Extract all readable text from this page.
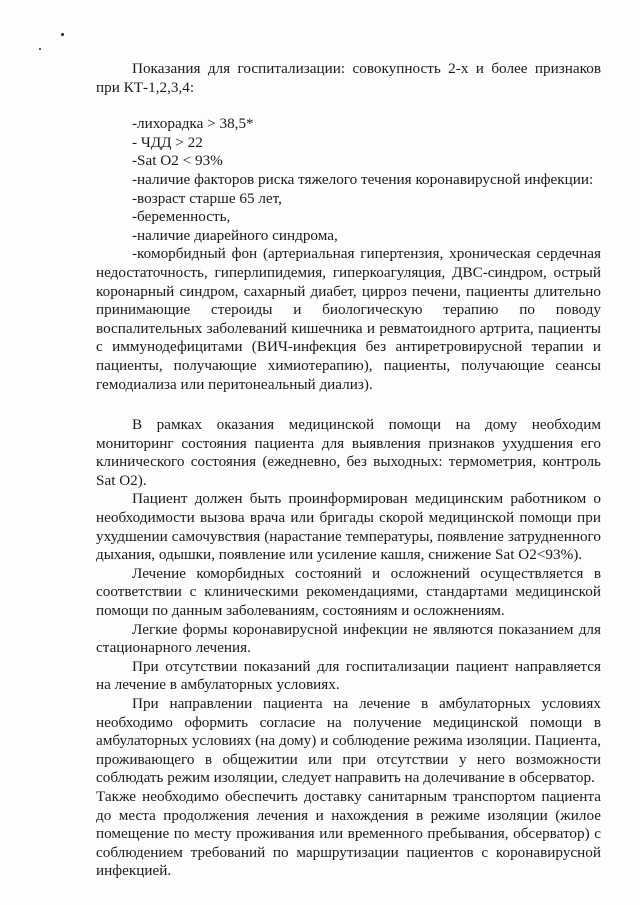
Показания для госпитализации: совокупность 2-х и более признаков при КТ-1,2,3,4:

-лихорадка > 38,5*

- ЧДД > 22

-Sat O2 < 93%

-наличие факторов риска тяжелого течения коронавирусной инфекции:

-возраст старше 65 лет,

-беременность,

-наличие диарейного синдрома,

-коморбидный фон (артериальная гипертензия, хроническая сердечная недостаточность, гиперлипидемия, гиперкоагуляция, ДВС-синдром, острый коронарный синдром, сахарный диабет, цирроз печени, пациенты длительно принимающие стероиды и биологическую терапию по поводу воспалительных заболеваний кишечника и ревматоидного артрита, пациенты с иммунодефицитами (ВИЧ-инфекция без антиретровирусной терапии и пациенты, получающие химиотерапию), пациенты, получающие сеансы гемодиализа или перитонеальный диализ).

В рамках оказания медицинской помощи на дому необходим мониторинг состояния пациента для выявления признаков ухудшения его клинического состояния (ежедневно, без выходных: термометрия, контроль Sat O2).

Пациент должен быть проинформирован медицинским работником о необходимости вызова врача или бригады скорой медицинской помощи при ухудшении самочувствия (нарастание температуры, появление затрудненного дыхания, одышки, появление или усиление кашля, снижение Sat O2<93%).

Лечение коморбидных состояний и осложнений осуществляется в соответствии с клиническими рекомендациями, стандартами медицинской помощи по данным заболеваниям, состояниям и осложнениям.

Легкие формы коронавирусной инфекции не являются показанием для стационарного лечения.

При отсутствии показаний для госпитализации пациент направляется на лечение в амбулаторных условиях.

При направлении пациента на лечение в амбулаторных условиях необходимо оформить согласие на получение медицинской помощи в амбулаторных условиях (на дому) и соблюдение режима изоляции. Пациента, проживающего в общежитии или при отсутствии у него возможности соблюдать режим изоляции, следует направить на долечивание в обсерватор.

Также необходимо обеспечить доставку санитарным транспортом пациента до места продолжения лечения и нахождения в режиме изоляции (жилое помещение по месту проживания или временного пребывания, обсерватор) с соблюдением требований по маршрутизации пациентов с коронавирусной инфекцией.
